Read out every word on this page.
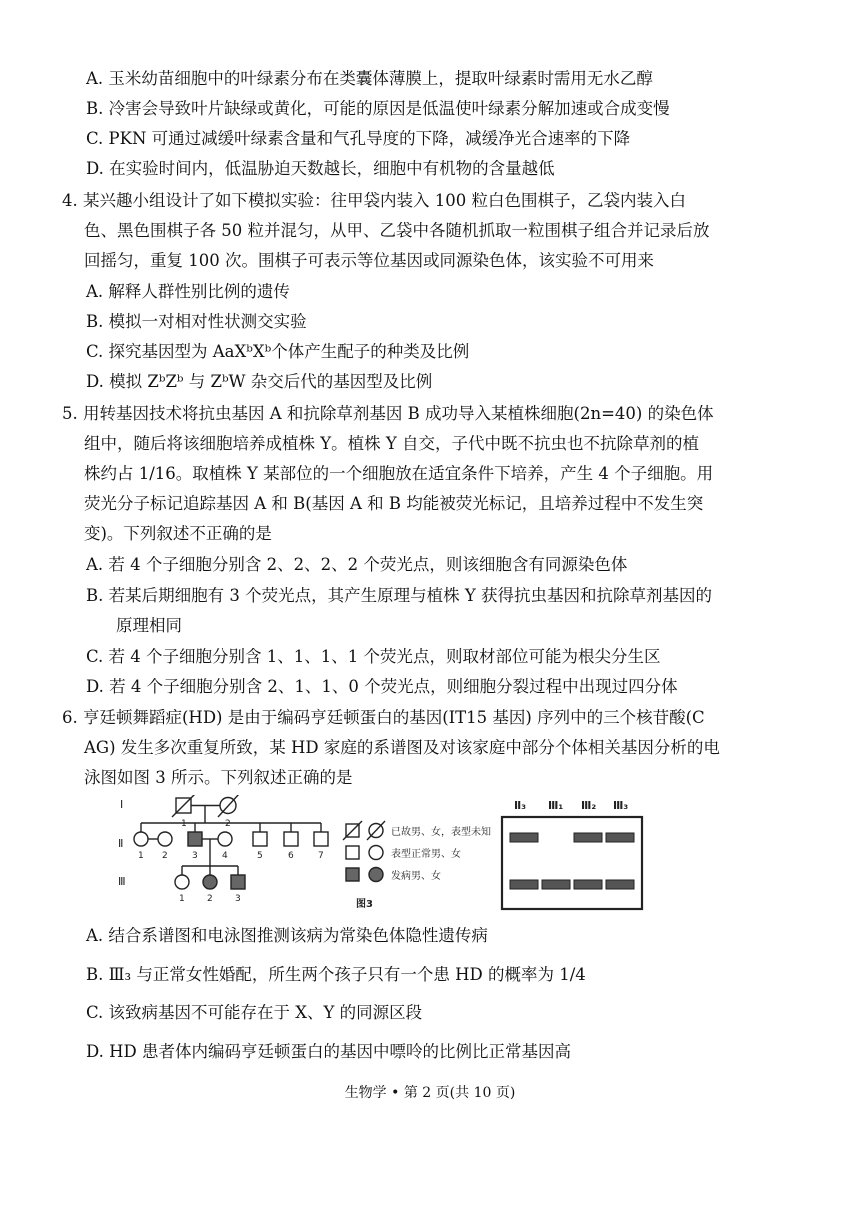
A. 玉米幼苗细胞中的叶绿素分布在类囊体薄膜上，提取叶绿素时需用无水乙醇
B. 冷害会导致叶片缺绿或黄化，可能的原因是低温使叶绿素分解加速或合成变慢
C. PKN 可通过减缓叶绿素含量和气孔导度的下降，减缓净光合速率的下降
D. 在实验时间内，低温胁迫天数越长，细胞中有机物的含量越低
4. 某兴趣小组设计了如下模拟实验：往甲袋内装入 100 粒白色围棋子，乙袋内装入白
色、黑色围棋子各 50 粒并混匀，从甲、乙袋中各随机抓取一粒围棋子组合并记录后放
回摇匀，重复 100 次。围棋子可表示等位基因或同源染色体，该实验不可用来
A. 解释人群性别比例的遗传
B. 模拟一对相对性状测交实验
C. 探究基因型为 AaXᵇXᵇ个体产生配子的种类及比例
D. 模拟 ZᵇZᵇ 与 ZᵇW 杂交后代的基因型及比例
5. 用转基因技术将抗虫基因 A 和抗除草剂基因 B 成功导入某植株细胞(2n=40) 的染色体
组中，随后将该细胞培养成植株 Y。植株 Y 自交，子代中既不抗虫也不抗除草剂的植
株约占 1/16。取植株 Y 某部位的一个细胞放在适宜条件下培养，产生 4 个子细胞。用
荧光分子标记追踪基因 A 和 B(基因 A 和 B 均能被荧光标记，且培养过程中不发生突
变)。下列叙述不正确的是
A. 若 4 个子细胞分别含 2、2、2、2 个荧光点，则该细胞含有同源染色体
B. 若某后期细胞有 3 个荧光点，其产生原理与植株 Y 获得抗虫基因和抗除草剂基因的
原理相同
C. 若 4 个子细胞分别含 1、1、1、1 个荧光点，则取材部位可能为根尖分生区
D. 若 4 个子细胞分别含 2、1、1、0 个荧光点，则细胞分裂过程中出现过四分体
6. 亨廷顿舞蹈症(HD) 是由于编码亨廷顿蛋白的基因(IT15 基因) 序列中的三个核苷酸(C
AG) 发生多次重复所致，某 HD 家庭的系谱图及对该家庭中部分个体相关基因分析的电
泳图如图 3 所示。下列叙述正确的是
Ⅰ
Ⅱ
Ⅲ
1	2
1 2	3	4	5	6	7
1 2 3
已故男、女，表型未知
表型正常男、女
发病男、女
图3
Ⅱ₃ Ⅲ₁ Ⅲ₂ Ⅲ₃
A. 结合系谱图和电泳图推测该病为常染色体隐性遗传病
B. Ⅲ₃ 与正常女性婚配，所生两个孩子只有一个患 HD 的概率为 1/4
C. 该致病基因不可能存在于 X、Y 的同源区段
D. HD 患者体内编码亨廷顿蛋白的基因中嘌呤的比例比正常基因高
生物学 • 第 2 页(共 10 页)
